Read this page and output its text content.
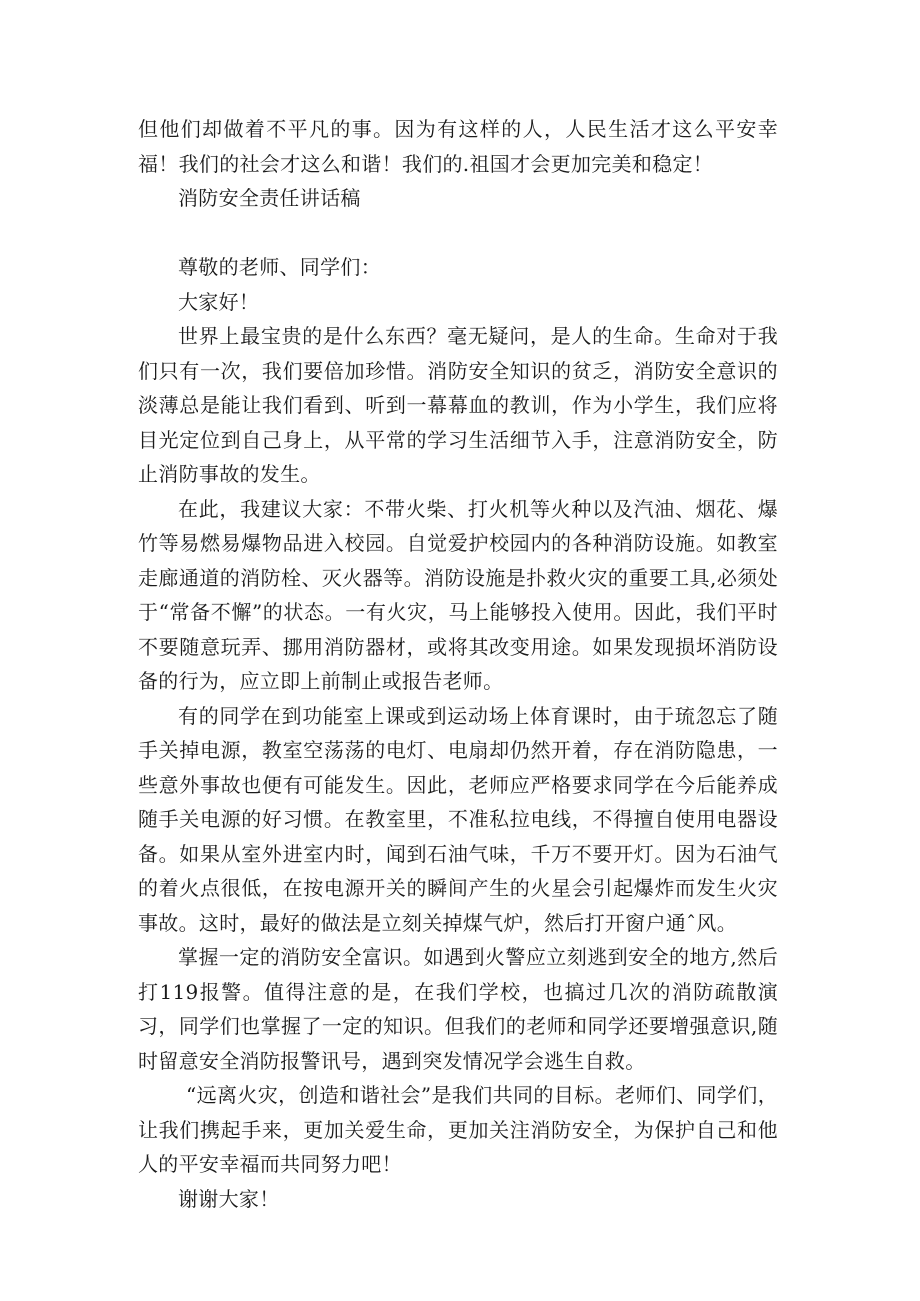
但他们却做着不平凡的事。因为有这样的人，人民生活才这么平安幸福！我们的社会才这么和谐！我们的.祖国才会更加完美和稳定！

消防安全责任讲话稿

尊敬的老师、同学们：

大家好！

世界上最宝贵的是什么东西？毫无疑问，是人的生命。生命对于我们只有一次，我们要倍加珍惜。消防安全知识的贫乏，消防安全意识的淡薄总是能让我们看到、听到一幕幕血的教训，作为小学生，我们应将目光定位到自己身上，从平常的学习生活细节入手，注意消防安全，防止消防事故的发生。

在此，我建议大家：不带火柴、打火机等火种以及汽油、烟花、爆竹等易燃易爆物品进入校园。自觉爱护校园内的各种消防设施。如教室走廊通道的消防栓、灭火器等。消防设施是扑救火灾的重要工具,必须处于“常备不懈”的状态。一有火灾，马上能够投入使用。因此，我们平时不要随意玩弄、挪用消防器材，或将其改变用途。如果发现损坏消防设备的行为，应立即上前制止或报告老师。

有的同学在到功能室上课或到运动场上体育课时，由于琉忽忘了随手关掉电源，教室空荡荡的电灯、电扇却仍然开着，存在消防隐患，一些意外事故也便有可能发生。因此，老师应严格要求同学在今后能养成随手关电源的好习惯。在教室里，不准私拉电线，不得擅自使用电器设备。如果从室外进室内时，闻到石油气味，千万不要开灯。因为石油气的着火点很低，在按电源开关的瞬间产生的火星会引起爆炸而发生火灾事故。这时，最好的做法是立刻关掉煤气炉，然后打开窗户通ˆ风。

掌握一定的消防安全富识。如遇到火警应立刻逃到安全的地方,然后打119报警。值得注意的是，在我们学校，也搞过几次的消防疏散演习，同学们也掌握了一定的知识。但我们的老师和同学还要增强意识,随时留意安全消防报警讯号，遇到突发情况学会逃生自救。

“远离火灾，创造和谐社会”是我们共同的目标。老师们、同学们，让我们携起手来，更加关爱生命，更加关注消防安全，为保护自己和他人的平安幸福而共同努力吧！

谢谢大家！
